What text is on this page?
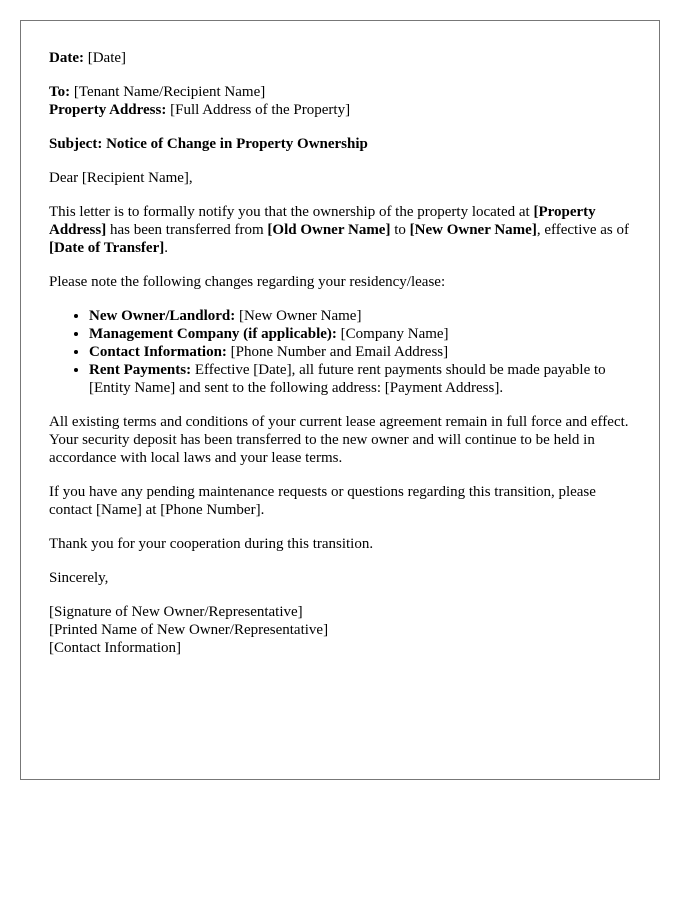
Date: [Date]

To: [Tenant Name/Recipient Name]

Property Address: [Full Address of the Property]

Subject: Notice of Change in Property Ownership

Dear [Recipient Name],

This letter is to formally notify you that the ownership of the property located at [Property Address] has been transferred from [Old Owner Name] to [New Owner Name], effective as of [Date of Transfer].

Please note the following changes regarding your residency/lease:

• New Owner/Landlord: [New Owner Name]
• Management Company (if applicable): [Company Name]
• Contact Information: [Phone Number and Email Address]
• Rent Payments: Effective [Date], all future rent payments should be made payable to [Entity Name] and sent to the following address: [Payment Address].

All existing terms and conditions of your current lease agreement remain in full force and effect. Your security deposit has been transferred to the new owner and will continue to be held in accordance with local laws and your lease terms.

If you have any pending maintenance requests or questions regarding this transition, please contact [Name] at [Phone Number].

Thank you for your cooperation during this transition.

Sincerely,

[Signature of New Owner/Representative]

[Printed Name of New Owner/Representative]

[Contact Information]
